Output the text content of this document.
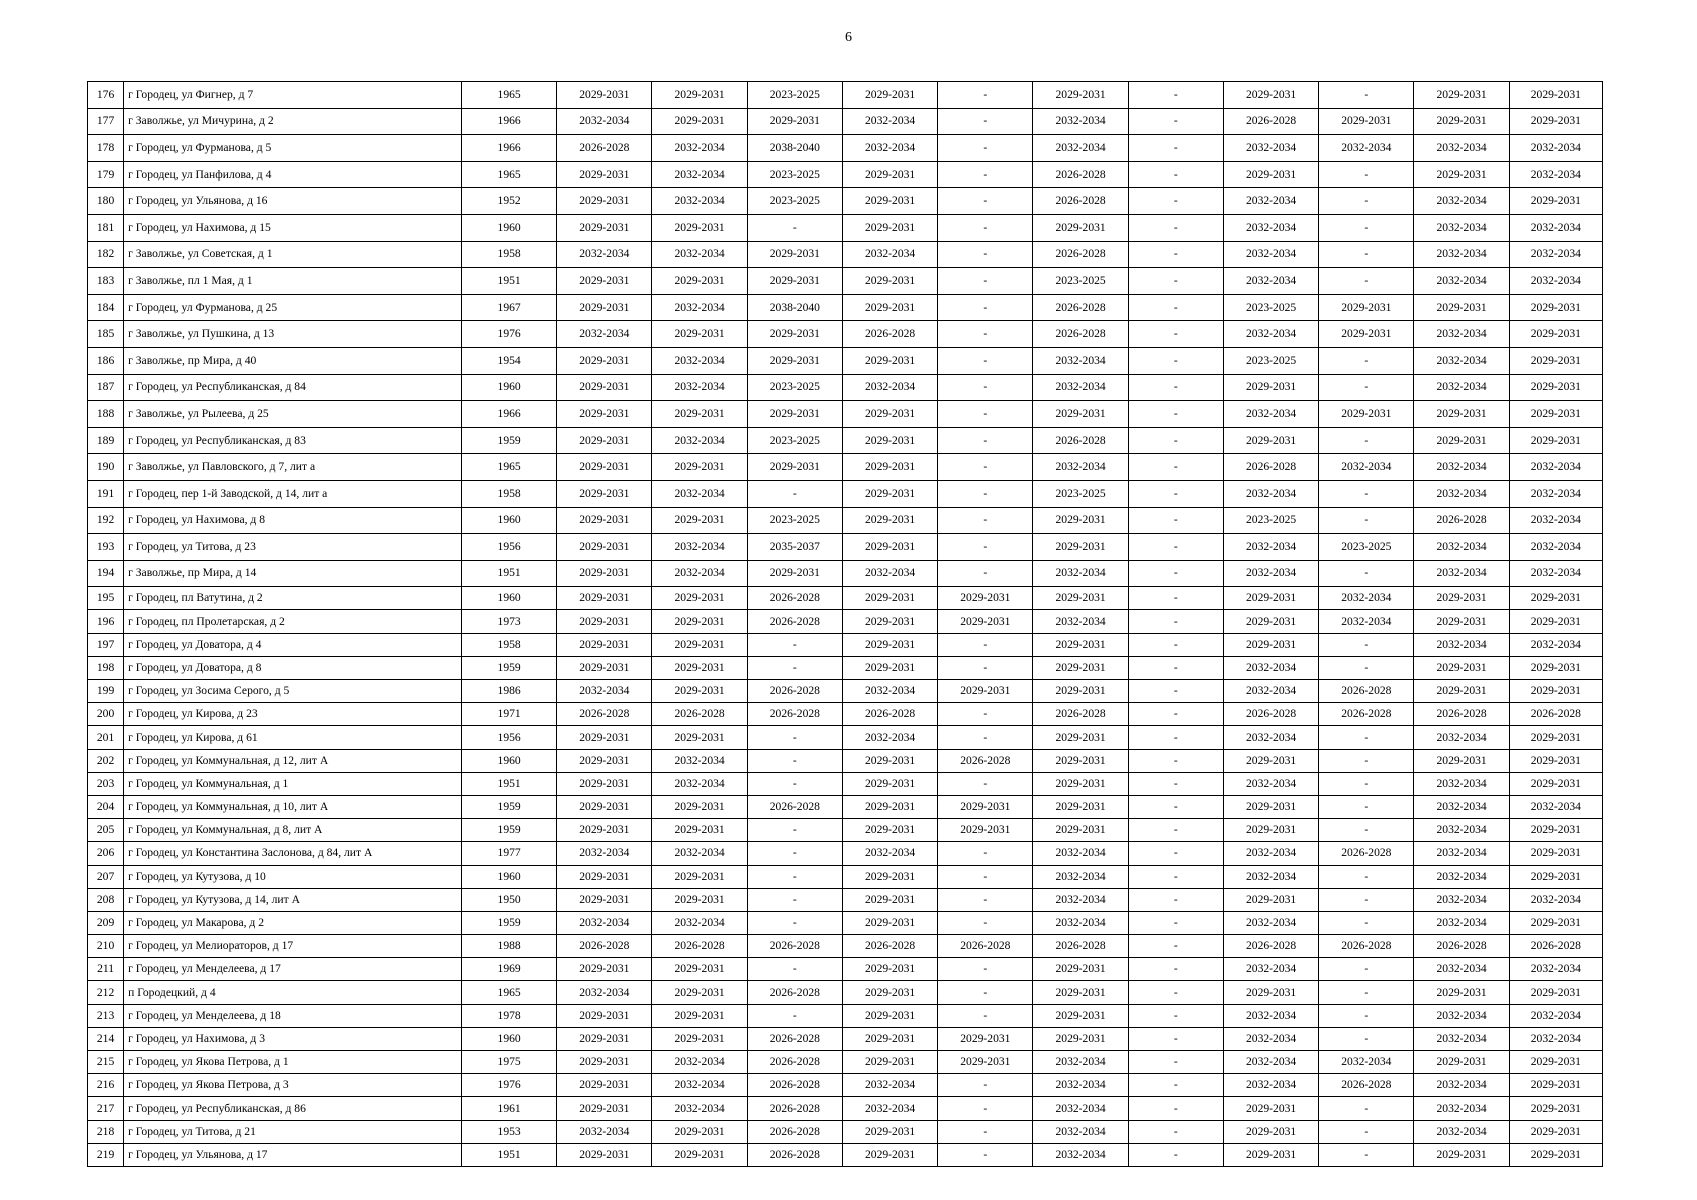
6
176	г Городец, ул Фигнер, д 7	1965	2029-2031	2029-2031	2023-2025	2029-2031	-	2029-2031	-	2029-2031	-	2029-2031	2029-2031
177	г Заволжье, ул Мичурина, д 2	1966	2032-2034	2029-2031	2029-2031	2032-2034	-	2032-2034	-	2026-2028	2029-2031	2029-2031	2029-2031
178	г Городец, ул Фурманова, д 5	1966	2026-2028	2032-2034	2038-2040	2032-2034	-	2032-2034	-	2032-2034	2032-2034	2032-2034	2032-2034
179	г Городец, ул Панфилова, д 4	1965	2029-2031	2032-2034	2023-2025	2029-2031	-	2026-2028	-	2029-2031	-	2029-2031	2032-2034
180	г Городец, ул Ульянова, д 16	1952	2029-2031	2032-2034	2023-2025	2029-2031	-	2026-2028	-	2032-2034	-	2032-2034	2029-2031
181	г Городец, ул Нахимова, д 15	1960	2029-2031	2029-2031	-	2029-2031	-	2029-2031	-	2032-2034	-	2032-2034	2032-2034
182	г Заволжье, ул Советская, д 1	1958	2032-2034	2032-2034	2029-2031	2032-2034	-	2026-2028	-	2032-2034	-	2032-2034	2032-2034
183	г Заволжье, пл 1 Мая, д 1	1951	2029-2031	2029-2031	2029-2031	2029-2031	-	2023-2025	-	2032-2034	-	2032-2034	2032-2034
184	г Городец, ул Фурманова, д 25	1967	2029-2031	2032-2034	2038-2040	2029-2031	-	2026-2028	-	2023-2025	2029-2031	2029-2031	2029-2031
185	г Заволжье, ул Пушкина, д 13	1976	2032-2034	2029-2031	2029-2031	2026-2028	-	2026-2028	-	2032-2034	2029-2031	2032-2034	2029-2031
186	г Заволжье, пр Мира, д 40	1954	2029-2031	2032-2034	2029-2031	2029-2031	-	2032-2034	-	2023-2025	-	2032-2034	2029-2031
187	г Городец, ул Республиканская, д 84	1960	2029-2031	2032-2034	2023-2025	2032-2034	-	2032-2034	-	2029-2031	-	2032-2034	2029-2031
188	г Заволжье, ул Рылеева, д 25	1966	2029-2031	2029-2031	2029-2031	2029-2031	-	2029-2031	-	2032-2034	2029-2031	2029-2031	2029-2031
189	г Городец, ул Республиканская, д 83	1959	2029-2031	2032-2034	2023-2025	2029-2031	-	2026-2028	-	2029-2031	-	2029-2031	2029-2031
190	г Заволжье, ул Павловского, д 7, лит а	1965	2029-2031	2029-2031	2029-2031	2029-2031	-	2032-2034	-	2026-2028	2032-2034	2032-2034	2032-2034
191	г Городец, пер 1-й Заводской, д 14, лит а	1958	2029-2031	2032-2034	-	2029-2031	-	2023-2025	-	2032-2034	-	2032-2034	2032-2034
192	г Городец, ул Нахимова, д 8	1960	2029-2031	2029-2031	2023-2025	2029-2031	-	2029-2031	-	2023-2025	-	2026-2028	2032-2034
193	г Городец, ул Титова, д 23	1956	2029-2031	2032-2034	2035-2037	2029-2031	-	2029-2031	-	2032-2034	2023-2025	2032-2034	2032-2034
194	г Заволжье, пр Мира, д 14	1951	2029-2031	2032-2034	2029-2031	2032-2034	-	2032-2034	-	2032-2034	-	2032-2034	2032-2034
195	г Городец, пл Ватутина, д 2	1960	2029-2031	2029-2031	2026-2028	2029-2031	2029-2031	2029-2031	-	2029-2031	2032-2034	2029-2031	2029-2031
196	г Городец, пл Пролетарская, д 2	1973	2029-2031	2029-2031	2026-2028	2029-2031	2029-2031	2032-2034	-	2029-2031	2032-2034	2029-2031	2029-2031
197	г Городец, ул Доватора, д 4	1958	2029-2031	2029-2031	-	2029-2031	-	2029-2031	-	2029-2031	-	2032-2034	2032-2034
198	г Городец, ул Доватора, д 8	1959	2029-2031	2029-2031	-	2029-2031	-	2029-2031	-	2032-2034	-	2029-2031	2029-2031
199	г Городец, ул Зосима Серого, д 5	1986	2032-2034	2029-2031	2026-2028	2032-2034	2029-2031	2029-2031	-	2032-2034	2026-2028	2029-2031	2029-2031
200	г Городец, ул Кирова, д 23	1971	2026-2028	2026-2028	2026-2028	2026-2028	-	2026-2028	-	2026-2028	2026-2028	2026-2028	2026-2028
201	г Городец, ул Кирова, д 61	1956	2029-2031	2029-2031	-	2032-2034	-	2029-2031	-	2032-2034	-	2032-2034	2029-2031
202	г Городец, ул Коммунальная, д 12, лит А	1960	2029-2031	2032-2034	-	2029-2031	2026-2028	2029-2031	-	2029-2031	-	2029-2031	2029-2031
203	г Городец, ул Коммунальная, д 1	1951	2029-2031	2032-2034	-	2029-2031	-	2029-2031	-	2032-2034	-	2032-2034	2029-2031
204	г Городец, ул Коммунальная, д 10, лит А	1959	2029-2031	2029-2031	2026-2028	2029-2031	2029-2031	2029-2031	-	2029-2031	-	2032-2034	2032-2034
205	г Городец, ул Коммунальная, д 8, лит А	1959	2029-2031	2029-2031	-	2029-2031	2029-2031	2029-2031	-	2029-2031	-	2032-2034	2029-2031
206	г Городец, ул Константина Заслонова, д 84, лит А	1977	2032-2034	2032-2034	-	2032-2034	-	2032-2034	-	2032-2034	2026-2028	2032-2034	2029-2031
207	г Городец, ул Кутузова, д 10	1960	2029-2031	2029-2031	-	2029-2031	-	2032-2034	-	2032-2034	-	2032-2034	2029-2031
208	г Городец, ул Кутузова, д 14, лит А	1950	2029-2031	2029-2031	-	2029-2031	-	2032-2034	-	2029-2031	-	2032-2034	2032-2034
209	г Городец, ул Макарова, д 2	1959	2032-2034	2032-2034	-	2029-2031	-	2032-2034	-	2032-2034	-	2032-2034	2029-2031
210	г Городец, ул Мелиораторов, д 17	1988	2026-2028	2026-2028	2026-2028	2026-2028	2026-2028	2026-2028	-	2026-2028	2026-2028	2026-2028	2026-2028
211	г Городец, ул Менделеева, д 17	1969	2029-2031	2029-2031	-	2029-2031	-	2029-2031	-	2032-2034	-	2032-2034	2032-2034
212	п Городецкий, д 4	1965	2032-2034	2029-2031	2026-2028	2029-2031	-	2029-2031	-	2029-2031	-	2029-2031	2029-2031
213	г Городец, ул Менделеева, д 18	1978	2029-2031	2029-2031	-	2029-2031	-	2029-2031	-	2032-2034	-	2032-2034	2032-2034
214	г Городец, ул Нахимова, д 3	1960	2029-2031	2029-2031	2026-2028	2029-2031	2029-2031	2029-2031	-	2032-2034	-	2032-2034	2032-2034
215	г Городец, ул Якова Петрова, д 1	1975	2029-2031	2032-2034	2026-2028	2029-2031	2029-2031	2032-2034	-	2032-2034	2032-2034	2029-2031	2029-2031
216	г Городец, ул Якова Петрова, д 3	1976	2029-2031	2032-2034	2026-2028	2032-2034	-	2032-2034	-	2032-2034	2026-2028	2032-2034	2029-2031
217	г Городец, ул Республиканская, д 86	1961	2029-2031	2032-2034	2026-2028	2032-2034	-	2032-2034	-	2029-2031	-	2032-2034	2029-2031
218	г Городец, ул Титова, д 21	1953	2032-2034	2029-2031	2026-2028	2029-2031	-	2032-2034	-	2029-2031	-	2032-2034	2029-2031
219	г Городец, ул Ульянова, д 17	1951	2029-2031	2029-2031	2026-2028	2029-2031	-	2032-2034	-	2029-2031	-	2029-2031	2029-2031
